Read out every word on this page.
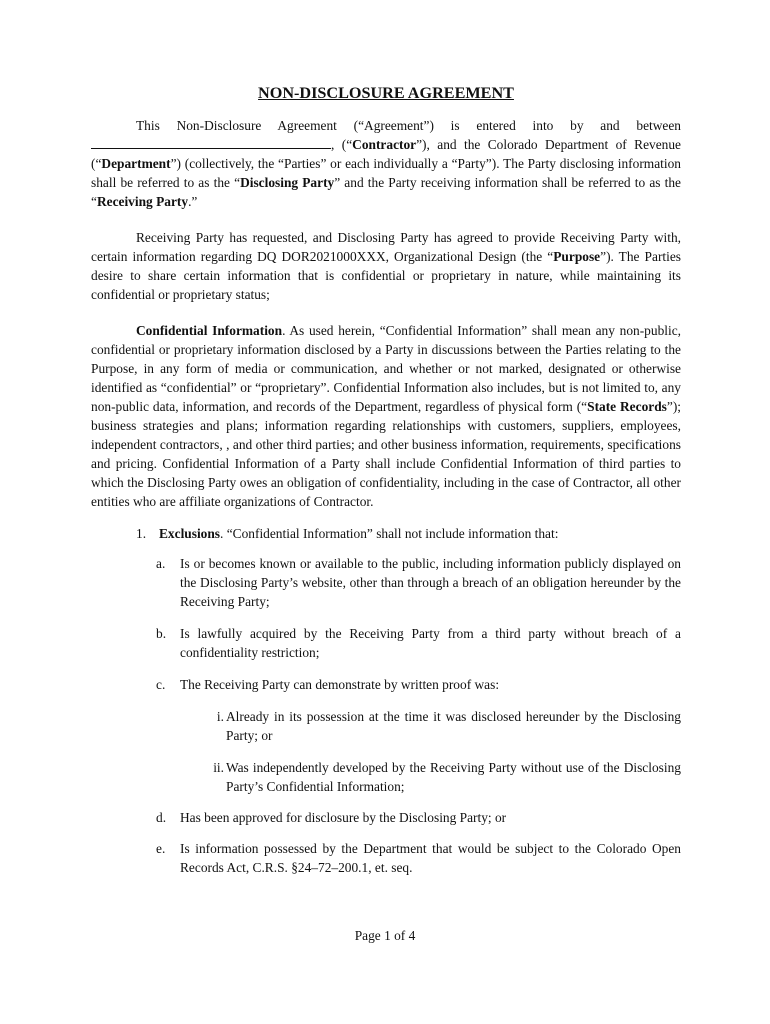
NON-DISCLOSURE AGREEMENT

This Non-Disclosure Agreement (“Agreement”) is entered into by and between , (“Contractor”), and the Colorado Department of Revenue (“Department”) (collectively, the “Parties” or each individually a “Party”). The Party disclosing information shall be referred to as the “Disclosing Party” and the Party receiving information shall be referred to as the “Receiving Party.”

Receiving Party has requested, and Disclosing Party has agreed to provide Receiving Party with, certain information regarding DQ DOR2021000XXX, Organizational Design (the “Purpose”). The Parties desire to share certain information that is confidential or proprietary in nature, while maintaining its confidential or proprietary status;

Confidential Information. As used herein, “Confidential Information” shall mean any non-public, confidential or proprietary information disclosed by a Party in discussions between the Parties relating to the Purpose, in any form of media or communication, and whether or not marked, designated or otherwise identified as “confidential” or “proprietary”. Confidential Information also includes, but is not limited to, any non-public data, information, and records of the Department, regardless of physical form (“State Records”); business strategies and plans; information regarding relationships with customers, suppliers, employees, independent contractors, , and other third parties; and other business information, requirements, specifications and pricing. Confidential Information of a Party shall include Confidential Information of third parties to which the Disclosing Party owes an obligation of confidentiality, including in the case of Contractor, all other entities who are affiliate organizations of Contractor.

1. Exclusions. “Confidential Information” shall not include information that:
a.	Is or becomes known or available to the public, including information publicly displayed on the Disclosing Party’s website, other than through a breach of an obligation hereunder by the Receiving Party;
b.	Is lawfully acquired by the Receiving Party from a third party without breach of a confidentiality restriction;
c.	The Receiving Party can demonstrate by written proof was:
i. Already in its possession at the time it was disclosed hereunder by the Disclosing Party; or
ii. Was independently developed by the Receiving Party without use of the Disclosing Party’s Confidential Information;
d.	Has been approved for disclosure by the Disclosing Party; or
e.	Is information possessed by the Department that would be subject to the Colorado Open Records Act, C.R.S. §24–72–200.1, et. seq.
Page 1 of 4
